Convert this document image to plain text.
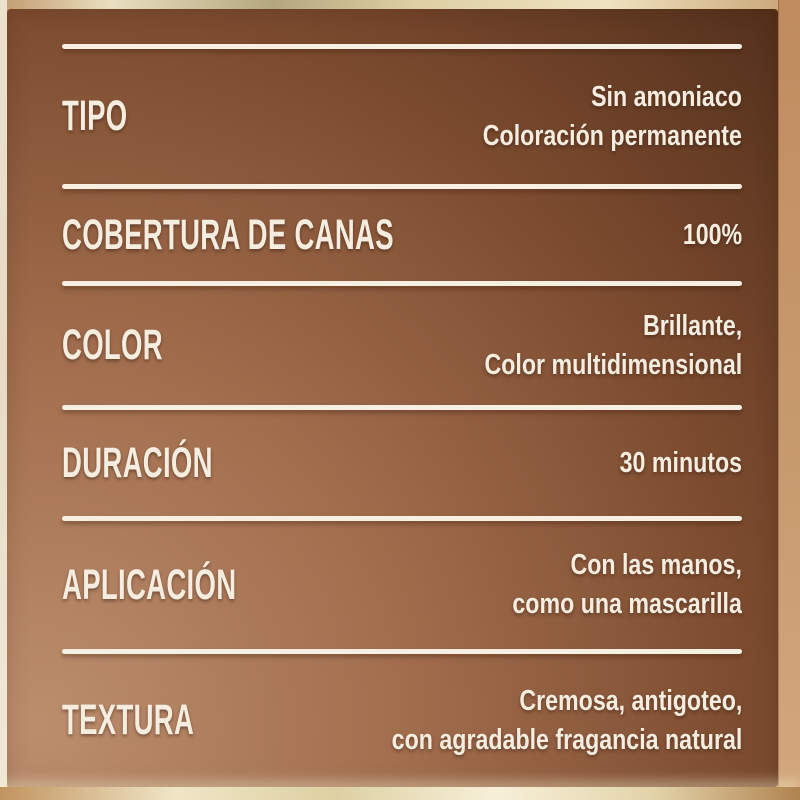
TIPO	Sin amoniaco
Coloración permanente
COBERTURA DE CANAS	100%
COLOR	Brillante,
Color multidimensional
DURACIÓN	30 minutos
APLICACIÓN	Con las manos,
como una mascarilla
TEXTURA	Cremosa, antigoteo,
con agradable fragancia natural
